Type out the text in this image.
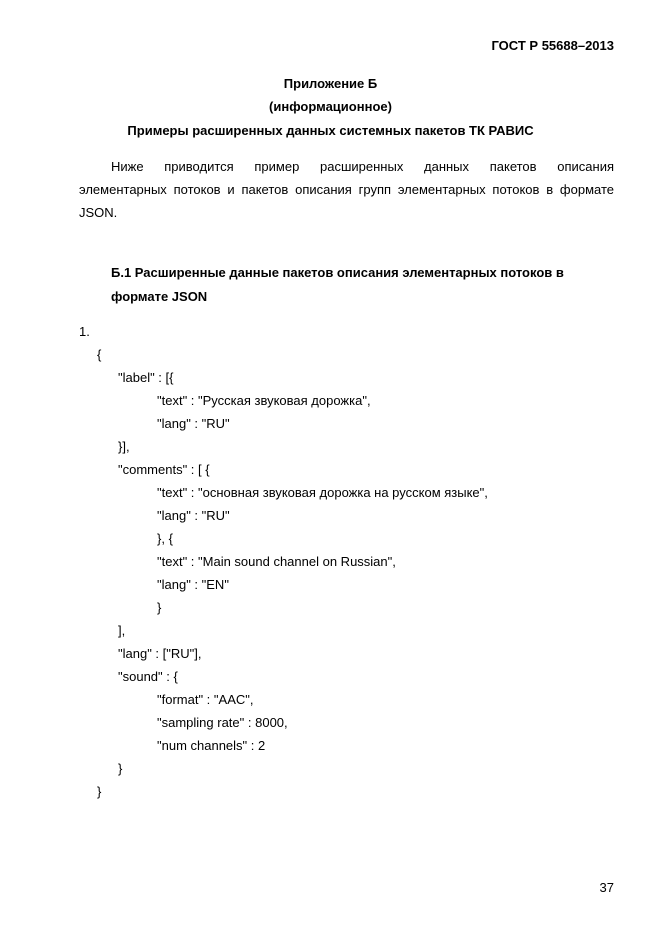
ГОСТ Р 55688–2013
Приложение Б
(информационное)
Примеры расширенных данных системных пакетов ТК РАВИС
Ниже приводится пример расширенных данных пакетов описания
элементарных потоков и пакетов описания групп элементарных потоков в формате
JSON.
Б.1 Расширенные данные пакетов описания элементарных потоков в
формате JSON
1.
{
"label" : [{
"text" : "Русская звуковая дорожка",
"lang" : "RU"
}],
"comments" : [ {
"text" : "основная звуковая дорожка на русском языке",
"lang" : "RU"
}, {
"text" : "Main sound channel on Russian",
"lang" : "EN"
}
],
"lang" : ["RU"],
"sound" : {
"format" : "AAC",
"sampling rate" : 8000,
"num channels" : 2
}
}
37
